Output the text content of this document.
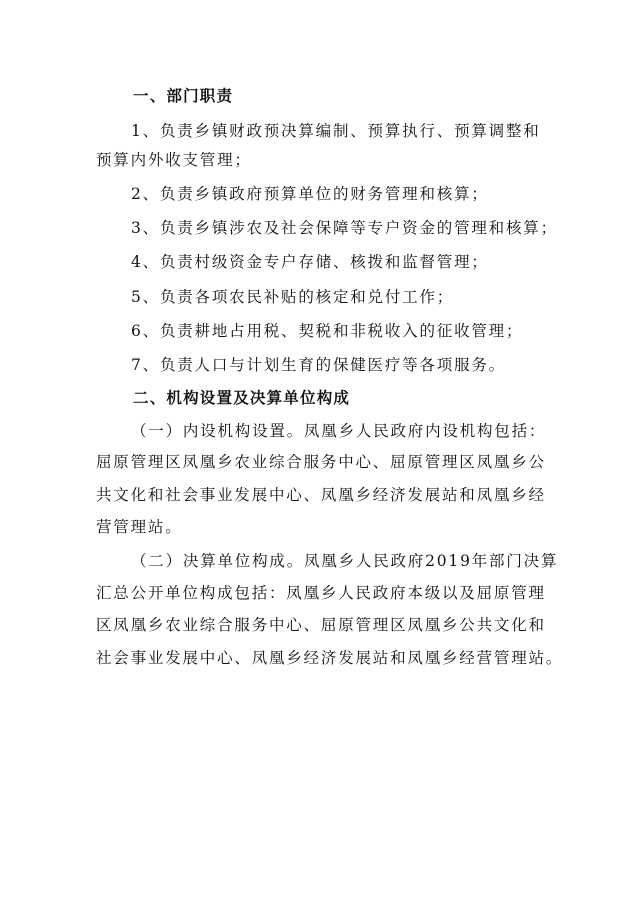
一、部门职责
1、负责乡镇财政预决算编制、预算执行、预算调整和
预算内外收支管理；
2、负责乡镇政府预算单位的财务管理和核算；
3、负责乡镇涉农及社会保障等专户资金的管理和核算；
4、负责村级资金专户存储、核拨和监督管理；
5、负责各项农民补贴的核定和兑付工作；
6、负责耕地占用税、契税和非税收入的征收管理；
7、负责人口与计划生育的保健医疗等各项服务。
二、机构设置及决算单位构成
（一）内设机构设置。凤凰乡人民政府内设机构包括：
屈原管理区凤凰乡农业综合服务中心、屈原管理区凤凰乡公
共文化和社会事业发展中心、凤凰乡经济发展站和凤凰乡经
营管理站。
（二）决算单位构成。凤凰乡人民政府2019年部门决算
汇总公开单位构成包括：凤凰乡人民政府本级以及屈原管理
区凤凰乡农业综合服务中心、屈原管理区凤凰乡公共文化和
社会事业发展中心、凤凰乡经济发展站和凤凰乡经营管理站。
